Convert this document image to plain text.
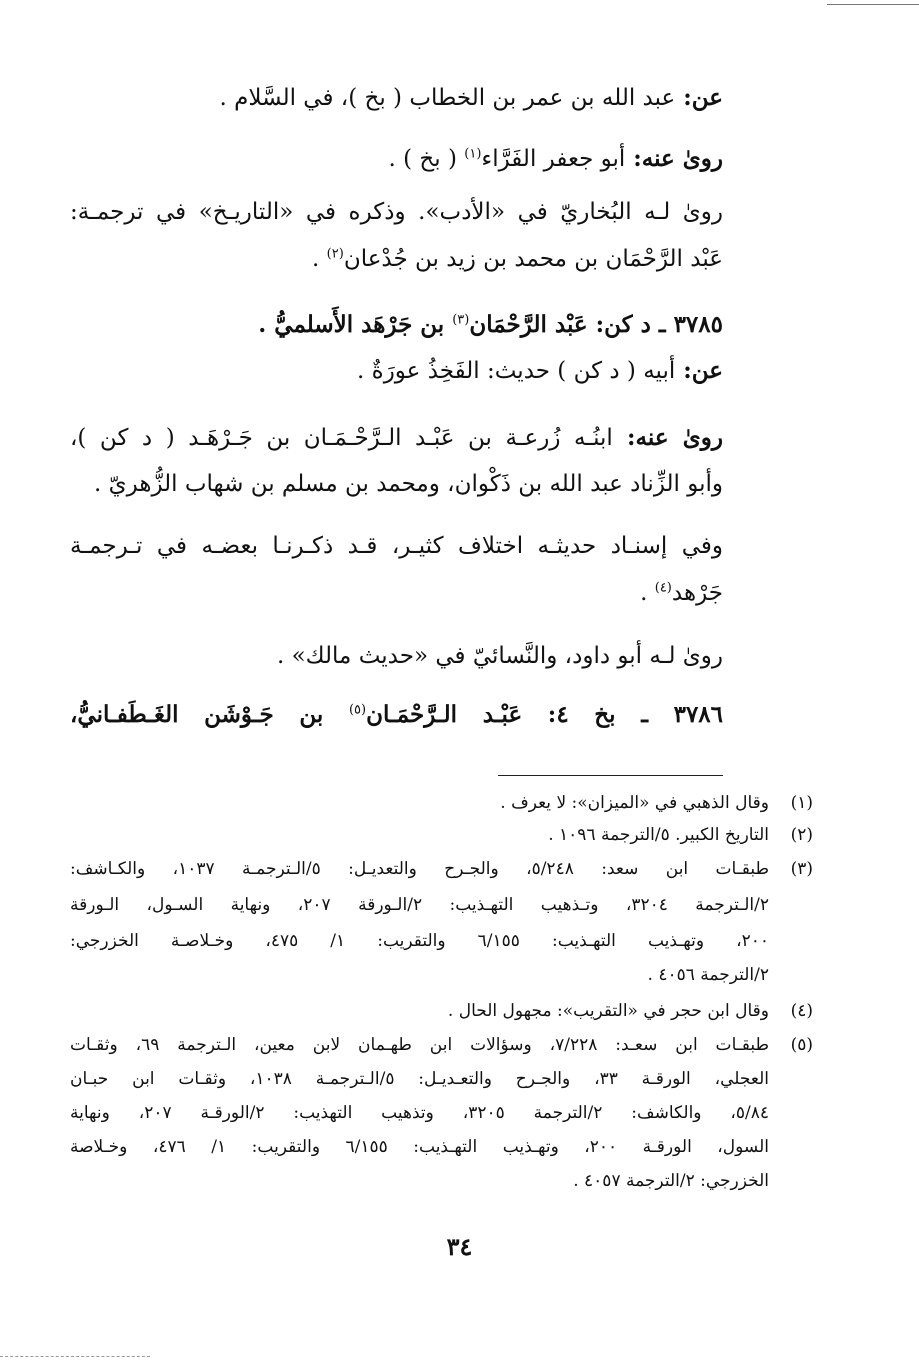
عن: عبد الله بن عمر بن الخطاب ( بخ )، في السَّلام .
روىٰ عنه: أبو جعفر الفَرَّاء$^{(١)}$ ( بخ ) .
روىٰ لـه البُخاريّ في «الأدب». وذكره في «التاريـخ» في ترجمـة:
عَبْد الرَّحْمَان بن محمد بن زيد بن جُدْعان$^{(٢)}$ .
٣٧٨٥ ـ د كن: عَبْد الرَّحْمَان$^{(٣)}$ بن جَرْهَد الأَسلميُّ .
عن: أبيه ( د كن ) حديث: الفَخِذُ عورَةٌ .
روىٰ عنه: ابنُـه زُرعـة بن عَبْـد الـرَّحْـمَـان بن جَـرْهَـد ( د كن )،
وأبو الزِّناد عبد الله بن ذَكْوان، ومحمد بن مسلم بن شهاب الزُّهريّ .
وفي إسنـاد حديثـه اختلاف كثيـر، قـد ذكـرنـا بعضـه في تـرجمـة
جَرْهد$^{(٤)}$ .
روىٰ لـه أبو داود، والنَّسائيّ في «حديث مالك» .
٣٧٨٦ ـ بخ ٤: عَبْـد الـرَّحْمَـان$^{(٥)}$ بن جَـوْشَن الغَـطَفـانيُّ،
(١)
وقال الذهبي في «الميزان»: لا يعرف .
(٢)
التاريخ الكبير. ٥/الترجمة ١٠٩٦ .
(٣)
طبقـات ابن سعد: ٥/٢٤٨، والجـرح والتعديـل: ٥/الـترجمـة ١٠٣٧، والكـاشف:
٢/الـترجمة ٣٢٠٤، وتـذهيب التهـذيب: ٢/الـورقة ٢٠٧، ونهاية السـول، الـورقة
٢٠٠، وتهـذيب التهـذيب: ٦/١٥٥ والتقريب: ١/ ٤٧٥، وخـلاصـة الخزرجي:
٢/الترجمة ٤٠٥٦ .
(٤)
وقال ابن حجر في «التقريب»: مجهول الحال .
(٥)
طبقـات ابن سعـد: ٧/٢٢٨، وسؤالات ابن طهـمان لابن معين، الـترجمة ٦٩، وثقـات
العجلي، الورقـة ٣٣، والجـرح والتعـديـل: ٥/الـترجمـة ١٠٣٨، وثقـات ابن حبـان
٥/٨٤، والكاشف: ٢/الترجمة ٣٢٠٥، وتذهيب التهذيب: ٢/الورقـة ٢٠٧، ونهاية
السول، الورقـة ٢٠٠، وتهـذيب التهـذيب: ٦/١٥٥ والتقريب: ١/ ٤٧٦، وخـلاصة
الخزرجي: ٢/الترجمة ٤٠٥٧ .
٣٤
